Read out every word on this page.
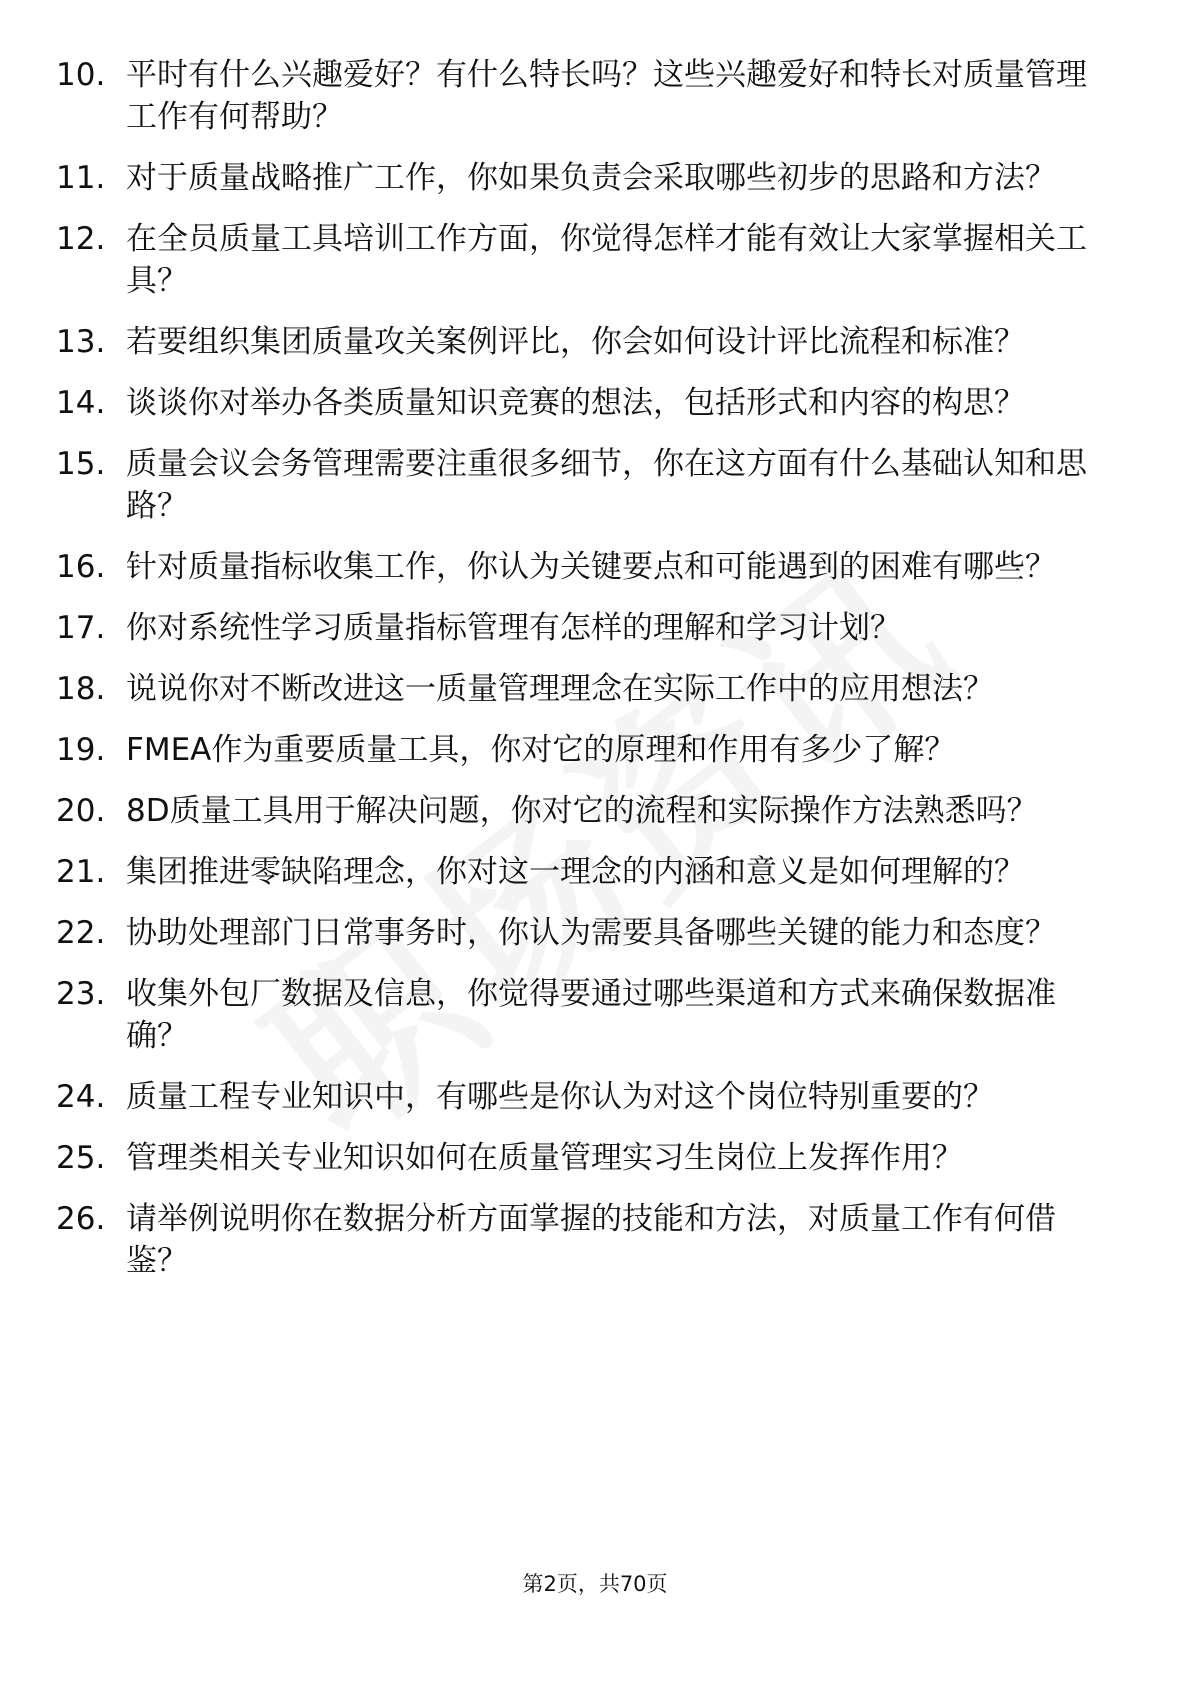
10. 平时有什么兴趣爱好？有什么特长吗？这些兴趣爱好和特长对质量管理工作有何帮助？
11. 对于质量战略推广工作，你如果负责会采取哪些初步的思路和方法？
12. 在全员质量工具培训工作方面，你觉得怎样才能有效让大家掌握相关工具？
13. 若要组织集团质量攻关案例评比，你会如何设计评比流程和标准？
14. 谈谈你对举办各类质量知识竞赛的想法，包括形式和内容的构思？
15. 质量会议会务管理需要注重很多细节，你在这方面有什么基础认知和思路？
16. 针对质量指标收集工作，你认为关键要点和可能遇到的困难有哪些？
17. 你对系统性学习质量指标管理有怎样的理解和学习计划？
18. 说说你对不断改进这一质量管理理念在实际工作中的应用想法？
19. FMEA作为重要质量工具，你对它的原理和作用有多少了解？
20. 8D质量工具用于解决问题，你对它的流程和实际操作方法熟悉吗？
21. 集团推进零缺陷理念，你对这一理念的内涵和意义是如何理解的？
22. 协助处理部门日常事务时，你认为需要具备哪些关键的能力和态度？
23. 收集外包厂数据及信息，你觉得要通过哪些渠道和方式来确保数据准确？
24. 质量工程专业知识中，有哪些是你认为对这个岗位特别重要的？
25. 管理类相关专业知识如何在质量管理实习生岗位上发挥作用？
26. 请举例说明你在数据分析方面掌握的技能和方法，对质量工作有何借鉴？
第2页，共70页
